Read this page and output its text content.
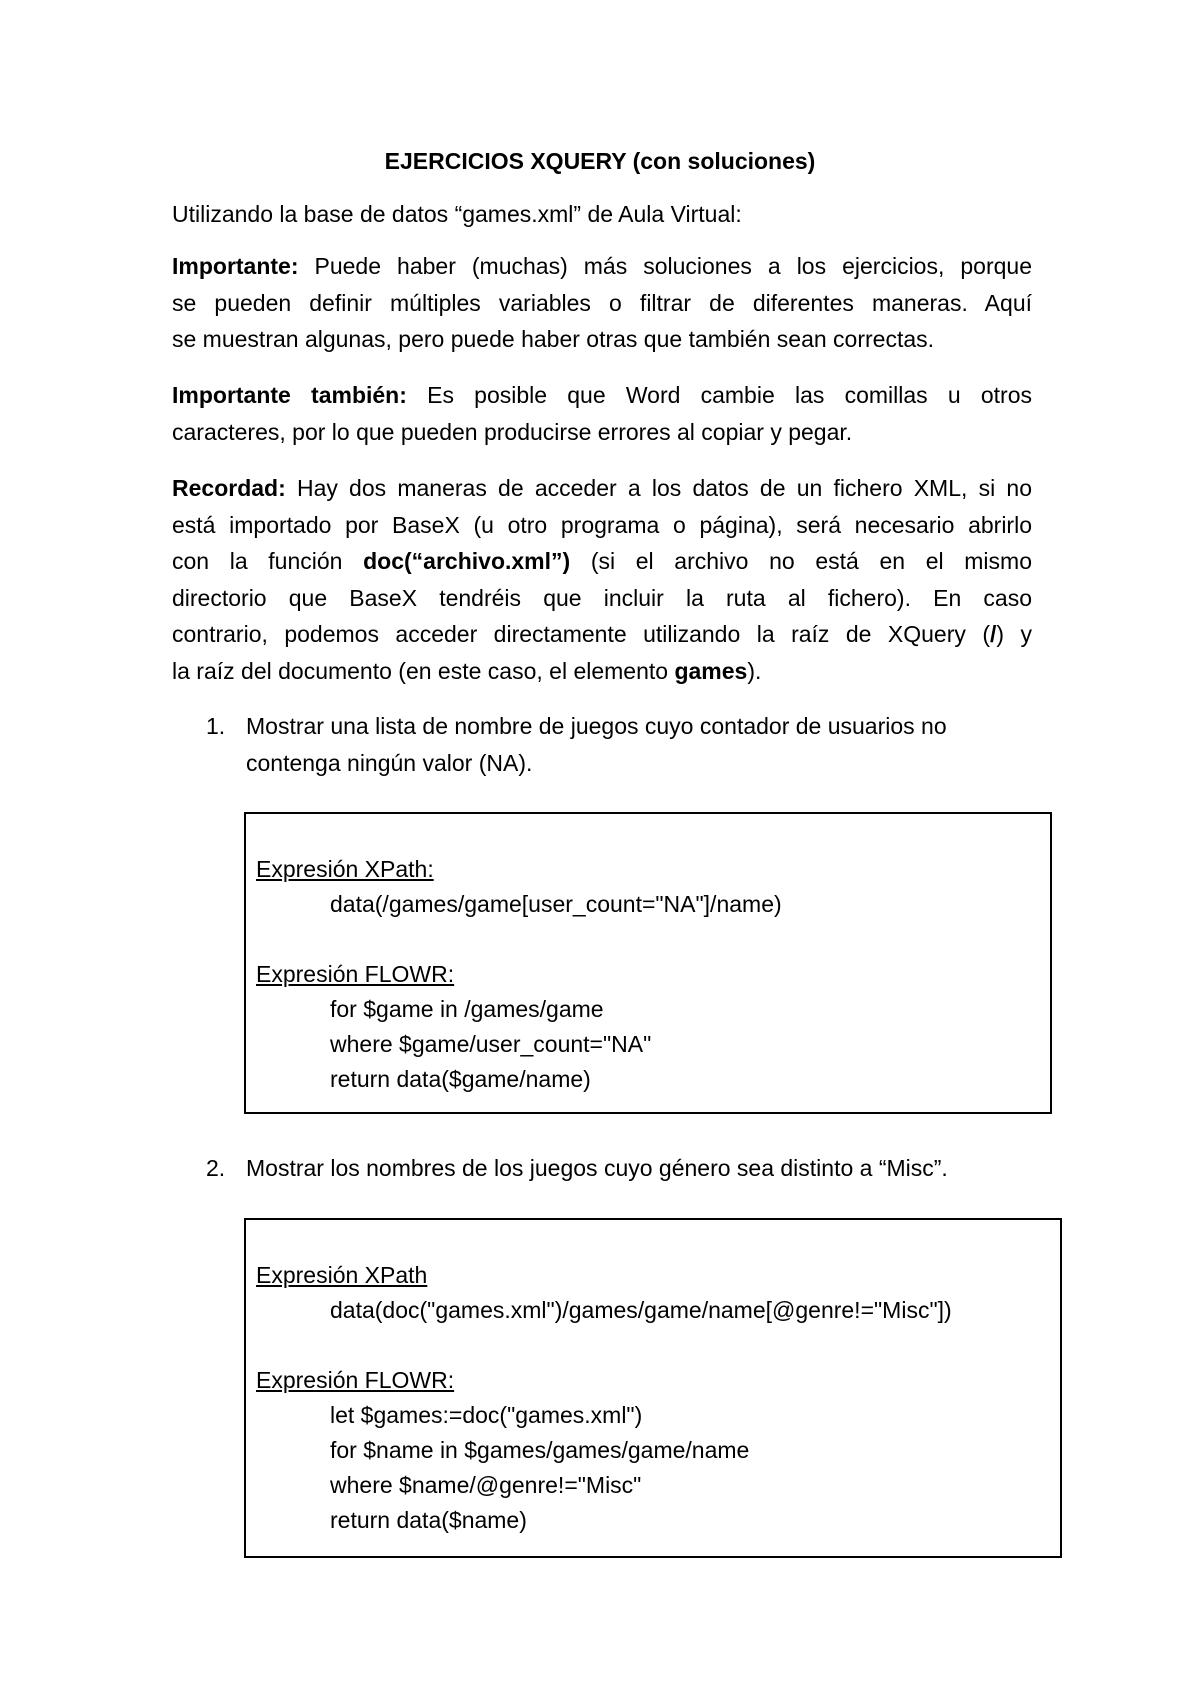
EJERCICIOS XQUERY (con soluciones)
Utilizando la base de datos “games.xml” de Aula Virtual:
Importante: Puede haber (muchas) más soluciones a los ejercicios, porque
se pueden definir múltiples variables o filtrar de diferentes maneras. Aquí
se muestran algunas, pero puede haber otras que también sean correctas.
Importante también: Es posible que Word cambie las comillas u otros
caracteres, por lo que pueden producirse errores al copiar y pegar.
Recordad: Hay dos maneras de acceder a los datos de un fichero XML, si no
está importado por BaseX (u otro programa o página), será necesario abrirlo
con la función doc(“archivo.xml”) (si el archivo no está en el mismo
directorio que BaseX tendréis que incluir la ruta al fichero). En caso
contrario, podemos acceder directamente utilizando la raíz de XQuery (/) y
la raíz del documento (en este caso, el elemento games).
1. Mostrar una lista de nombre de juegos cuyo contador de usuarios no
contenga ningún valor (NA).
Expresión XPath:
data(/games/game[user_count="NA"]/name)
Expresión FLOWR:
for $game in /games/game
where $game/user_count="NA"
return data($game/name)
2. Mostrar los nombres de los juegos cuyo género sea distinto a “Misc”.
Expresión XPath
data(doc("games.xml")/games/game/name[@genre!="Misc"])
Expresión FLOWR:
let $games:=doc("games.xml")
for $name in $games/games/game/name
where $name/@genre!="Misc"
return data($name)
